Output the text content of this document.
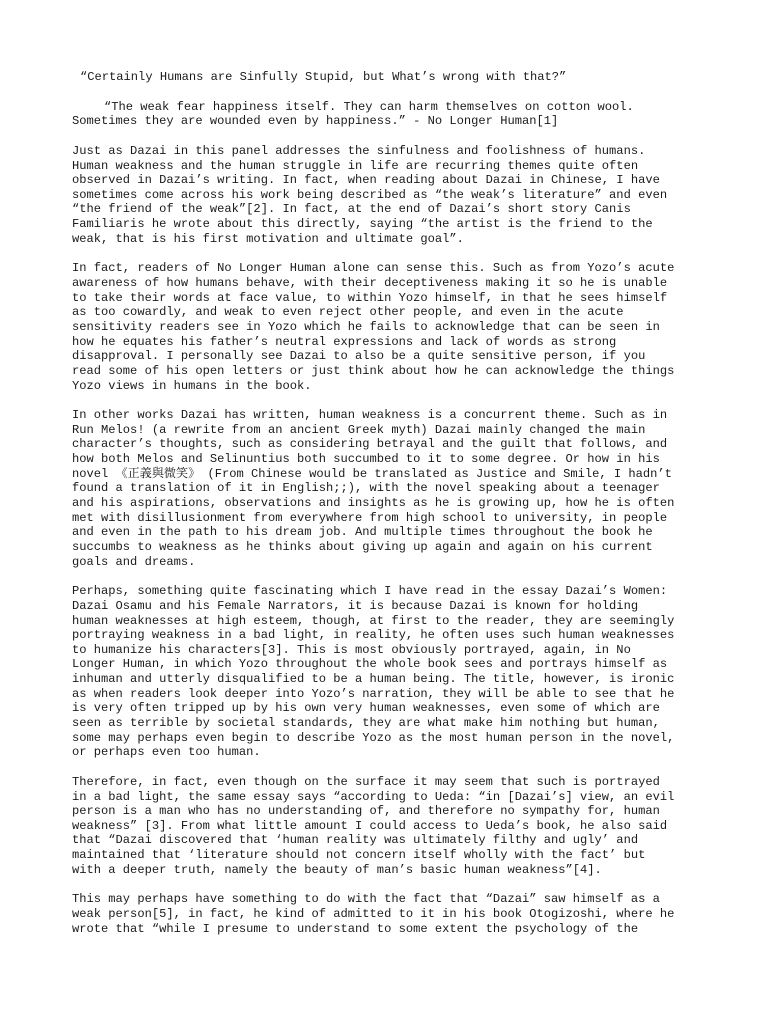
“Certainly Humans are Sinfully Stupid, but What’s wrong with that?”
“The weak fear happiness itself. They can harm themselves on cotton wool.
Sometimes they are wounded even by happiness.” - No Longer Human[1]
Just as Dazai in this panel addresses the sinfulness and foolishness of humans.
Human weakness and the human struggle in life are recurring themes quite often
observed in Dazai’s writing. In fact, when reading about Dazai in Chinese, I have
sometimes come across his work being described as “the weak’s literature” and even
“the friend of the weak”[2]. In fact, at the end of Dazai’s short story Canis
Familiaris he wrote about this directly, saying “the artist is the friend to the
weak, that is his first motivation and ultimate goal”.
In fact, readers of No Longer Human alone can sense this. Such as from Yozo’s acute
awareness of how humans behave, with their deceptiveness making it so he is unable
to take their words at face value, to within Yozo himself, in that he sees himself
as too cowardly, and weak to even reject other people, and even in the acute
sensitivity readers see in Yozo which he fails to acknowledge that can be seen in
how he equates his father’s neutral expressions and lack of words as strong
disapproval. I personally see Dazai to also be a quite sensitive person, if you
read some of his open letters or just think about how he can acknowledge the things
Yozo views in humans in the book.
In other works Dazai has written, human weakness is a concurrent theme. Such as in
Run Melos! (a rewrite from an ancient Greek myth) Dazai mainly changed the main
character’s thoughts, such as considering betrayal and the guilt that follows, and
how both Melos and Selinuntius both succumbed to it to some degree. Or how in his
novel 《正義與微笑》 (From Chinese would be translated as Justice and Smile, I hadn’t
found a translation of it in English;;), with the novel speaking about a teenager
and his aspirations, observations and insights as he is growing up, how he is often
met with disillusionment from everywhere from high school to university, in people
and even in the path to his dream job. And multiple times throughout the book he
succumbs to weakness as he thinks about giving up again and again on his current
goals and dreams.
Perhaps, something quite fascinating which I have read in the essay Dazai’s Women:
Dazai Osamu and his Female Narrators, it is because Dazai is known for holding
human weaknesses at high esteem, though, at first to the reader, they are seemingly
portraying weakness in a bad light, in reality, he often uses such human weaknesses
to humanize his characters[3]. This is most obviously portrayed, again, in No
Longer Human, in which Yozo throughout the whole book sees and portrays himself as
inhuman and utterly disqualified to be a human being. The title, however, is ironic
as when readers look deeper into Yozo’s narration, they will be able to see that he
is very often tripped up by his own very human weaknesses, even some of which are
seen as terrible by societal standards, they are what make him nothing but human,
some may perhaps even begin to describe Yozo as the most human person in the novel,
or perhaps even too human.
Therefore, in fact, even though on the surface it may seem that such is portrayed
in a bad light, the same essay says “according to Ueda: “in [Dazai’s] view, an evil
person is a man who has no understanding of, and therefore no sympathy for, human
weakness” [3]. From what little amount I could access to Ueda’s book, he also said
that “Dazai discovered that ‘human reality was ultimately filthy and ugly’ and
maintained that ‘literature should not concern itself wholly with the fact’ but
with a deeper truth, namely the beauty of man’s basic human weakness”[4].
This may perhaps have something to do with the fact that “Dazai” saw himself as a
weak person[5], in fact, he kind of admitted to it in his book Otogizoshi, where he
wrote that “while I presume to understand to some extent the psychology of the
